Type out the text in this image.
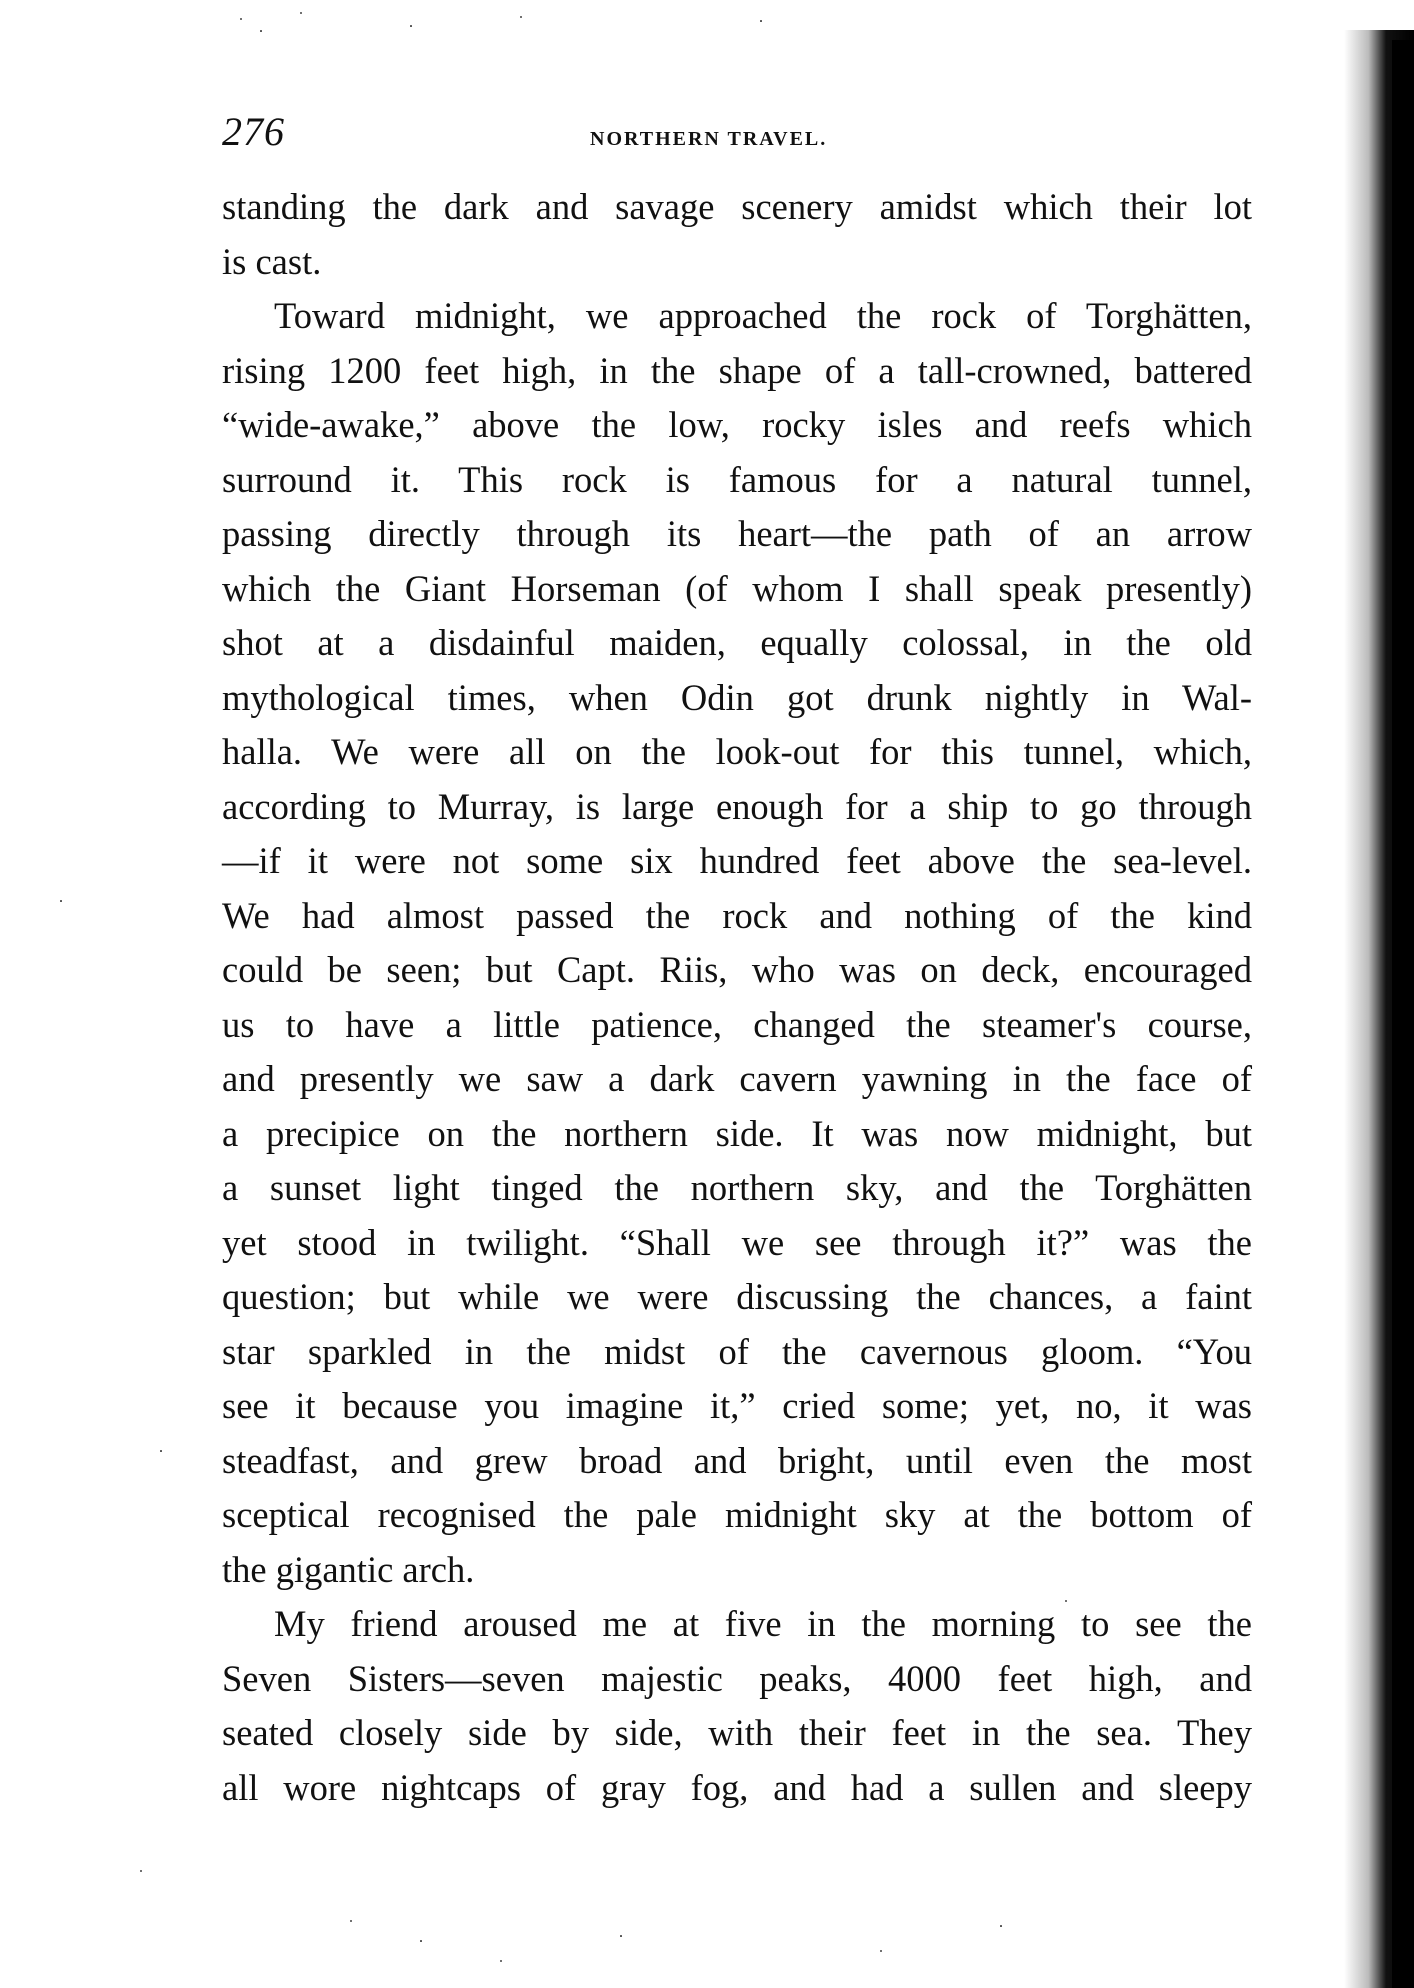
276	NORTHERN TRAVEL.
standing the dark and savage scenery amidst which their lot
is cast.
Toward midnight, we approached the rock of Torghätten,
rising 1200 feet high, in the shape of a tall-crowned, battered
“wide-awake,” above the low, rocky isles and reefs which
surround it. This rock is famous for a natural tunnel,
passing directly through its heart—the path of an arrow
which the Giant Horseman (of whom I shall speak presently)
shot at a disdainful maiden, equally colossal, in the old
mythological times, when Odin got drunk nightly in Wal-
halla. We were all on the look-out for this tunnel, which,
according to Murray, is large enough for a ship to go through
—if it were not some six hundred feet above the sea-level.
We had almost passed the rock and nothing of the kind
could be seen; but Capt. Riis, who was on deck, encouraged
us to have a little patience, changed the steamer's course,
and presently we saw a dark cavern yawning in the face of
a precipice on the northern side. It was now midnight, but
a sunset light tinged the northern sky, and the Torghätten
yet stood in twilight. “Shall we see through it?” was the
question; but while we were discussing the chances, a faint
star sparkled in the midst of the cavernous gloom. “You
see it because you imagine it,” cried some; yet, no, it was
steadfast, and grew broad and bright, until even the most
sceptical recognised the pale midnight sky at the bottom of
the gigantic arch.
My friend aroused me at five in the morning to see the
Seven Sisters—seven majestic peaks, 4000 feet high, and
seated closely side by side, with their feet in the sea. They
all wore nightcaps of gray fog, and had a sullen and sleepy
